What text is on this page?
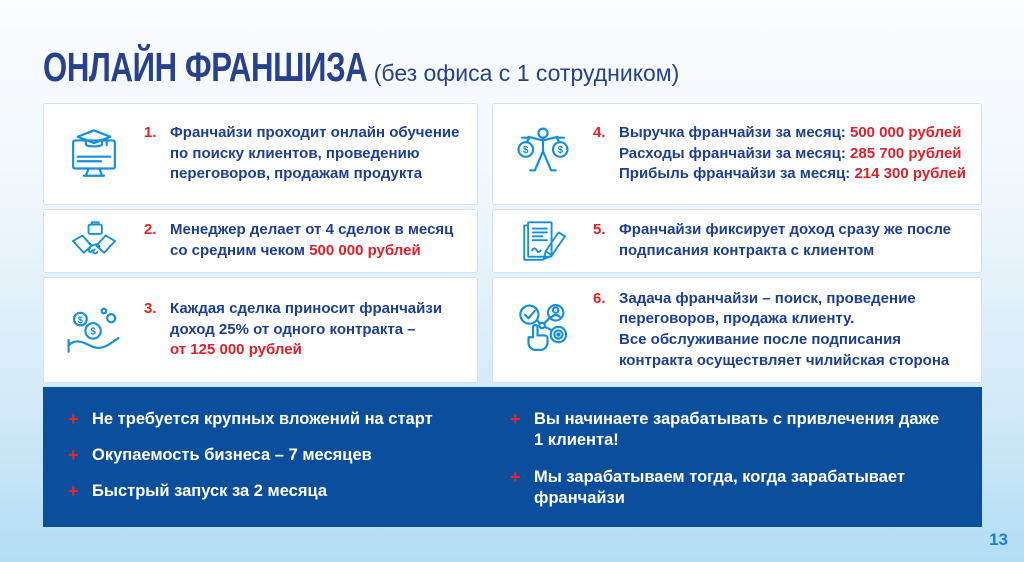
ОНЛАЙН ФРАНШИЗА (без офиса с 1 сотрудником)
1. Франчайзи проходит онлайн обучение по поиску клиентов, проведению переговоров, продажам продукта
$	$
4. Выручка франчайзи за месяц: 500 000 рублей
Расходы франчайзи за месяц: 285 700 рублей
Прибыль франчайзи за месяц: 214 300 рублей
2. Менеджер делает от 4 сделок в месяц со средним чеком 500 000 рублей
5. Франчайзи фиксирует доход сразу же после подписания контракта с клиентом
$
$
3. Каждая сделка приносит франчайзи доход 25% от одного контракта –
от 125 000 рублей
6. Задача франчайзи – поиск, проведение переговоров, продажа клиенту.
Все обслуживание после подписания контракта осуществляет чилийская сторона
+ Не требуется крупных вложений на старт
+ Окупаемость бизнеса – 7 месяцев
+ Быстрый запуск за 2 месяца
+ Вы начинаете зарабатывать с привлечения даже 1 клиента!
+ Мы зарабатываем тогда, когда зарабатывает франчайзи
13
